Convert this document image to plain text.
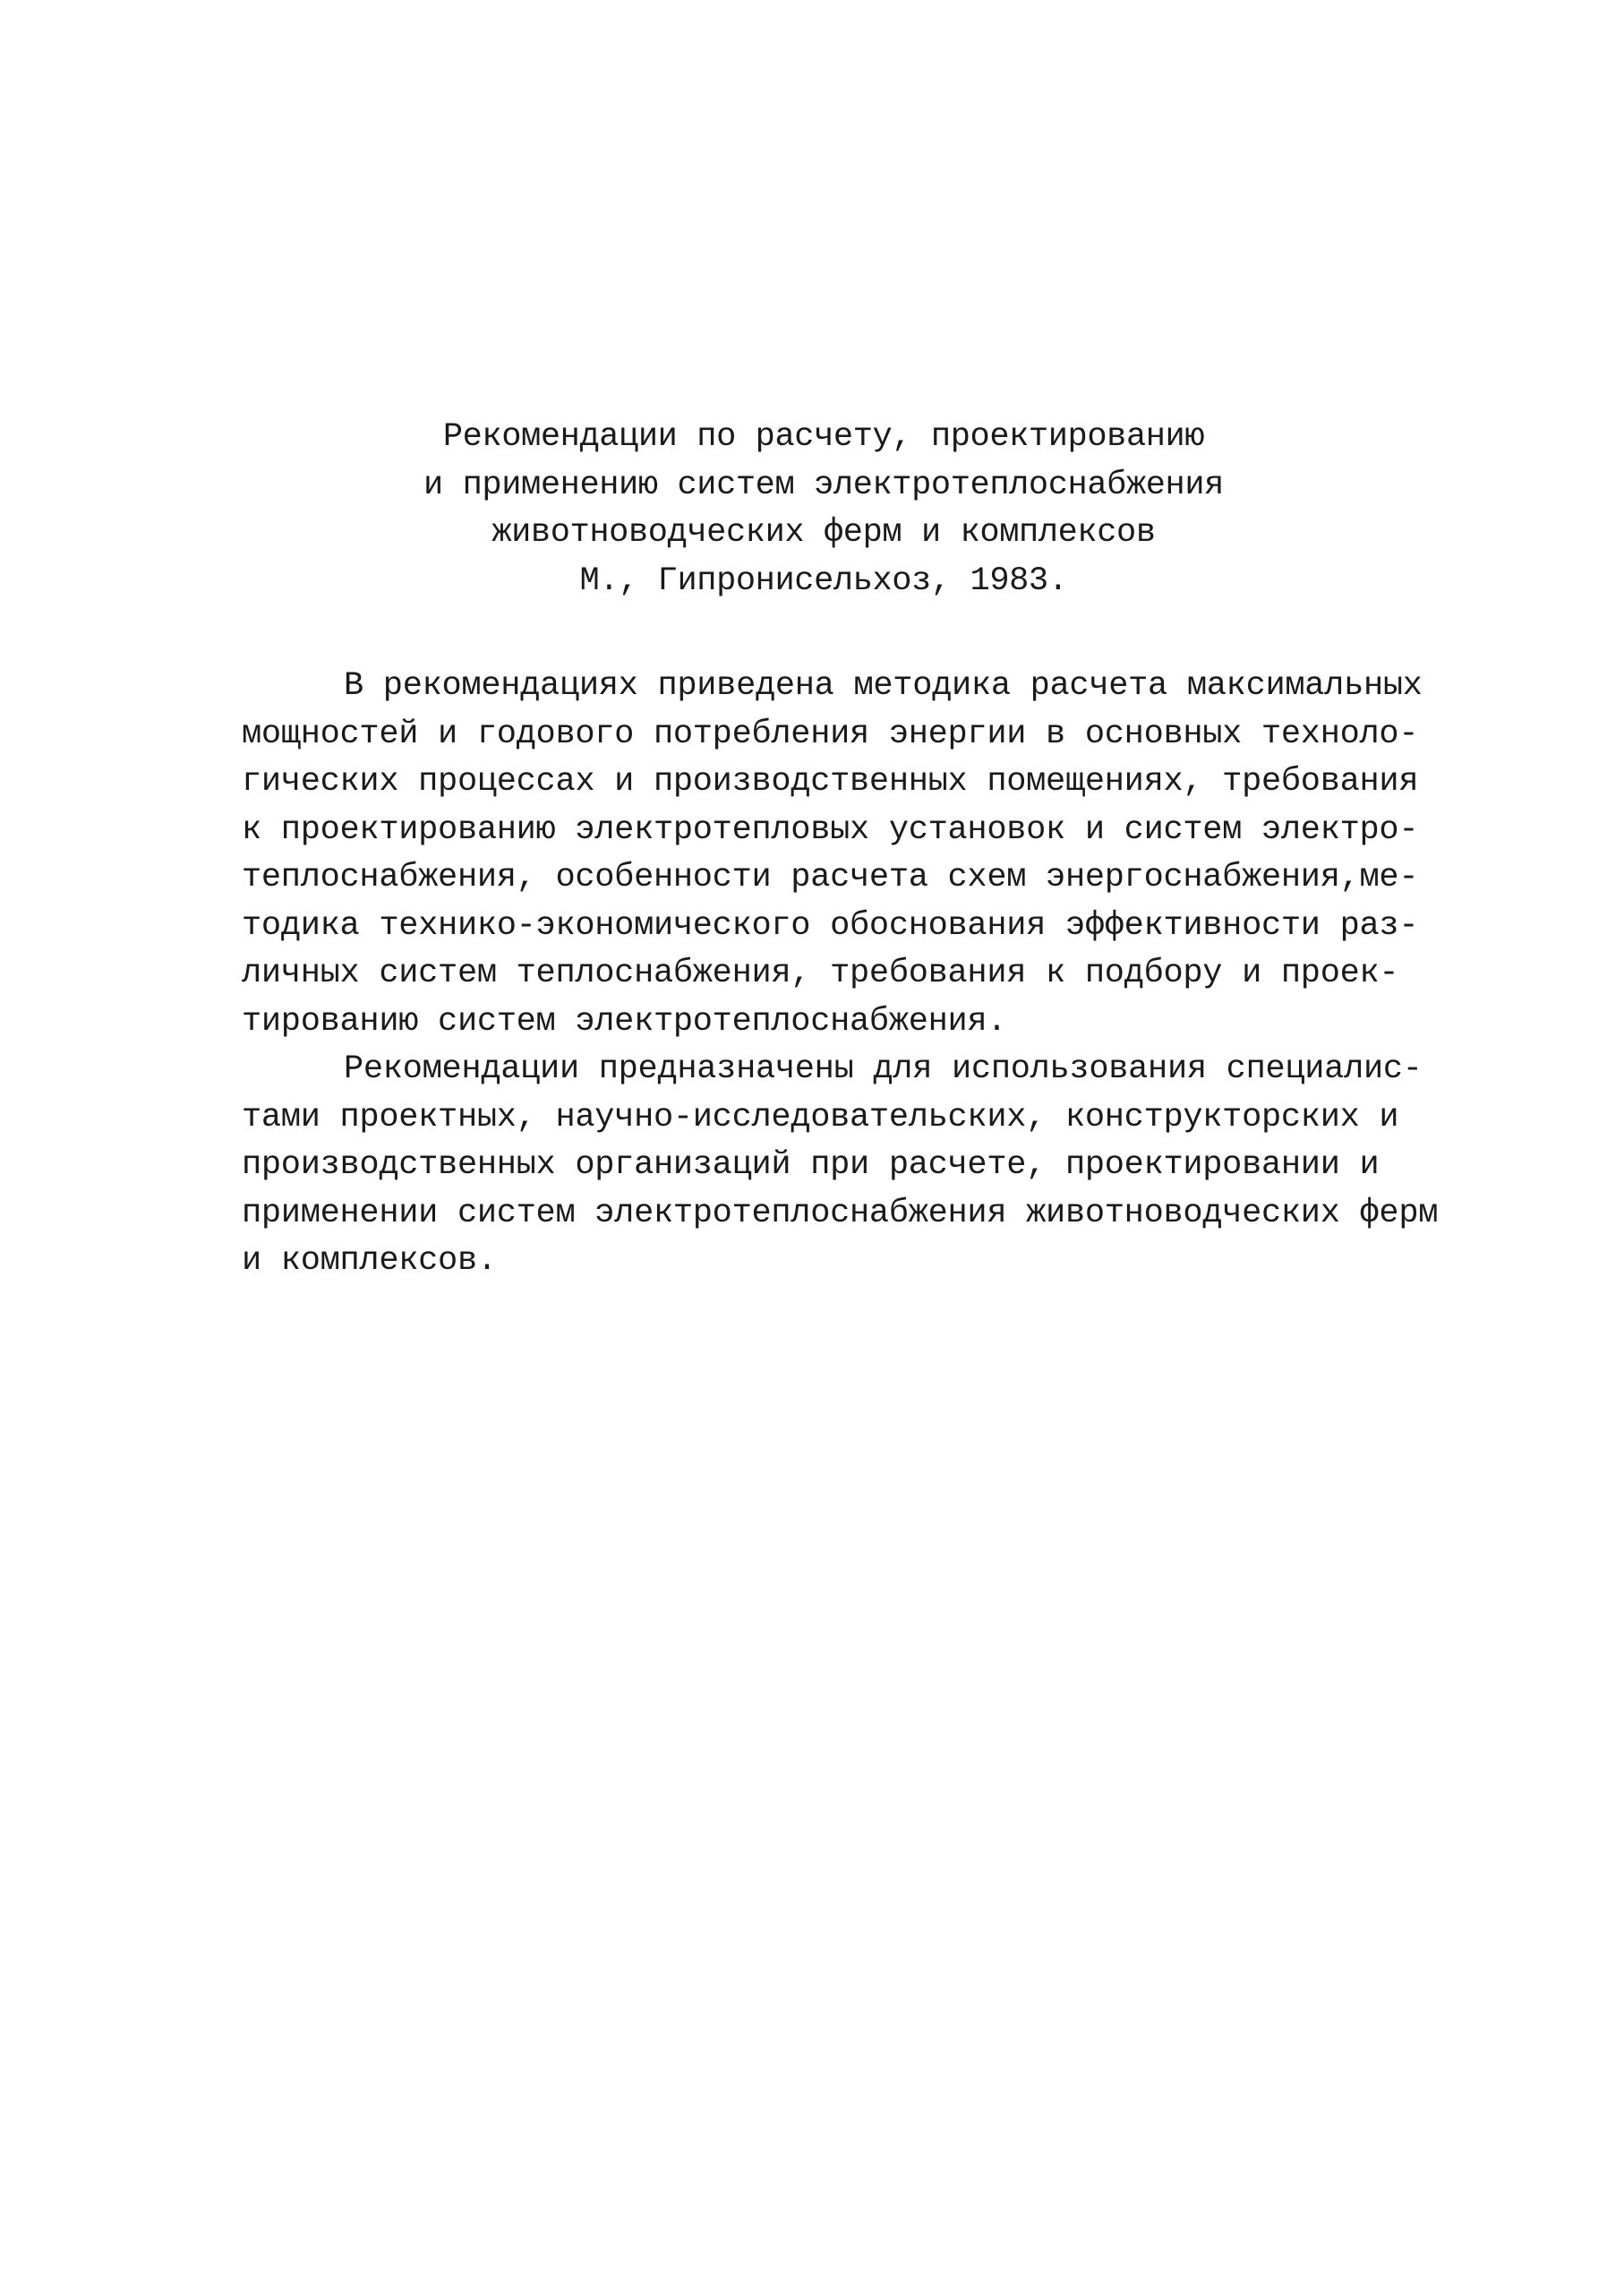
Рекомендации по расчету, проектированию
и применению систем электротеплоснабжения
животноводческих ферм и комплексов
М., Гипронисельхоз, 1983.
В рекомендациях приведена методика расчета максимальных
мощностей и годового потребления энергии в основных техноло-
гических процессах и производственных помещениях, требования
к проектированию электротепловых установок и систем электро-
теплоснабжения, особенности расчета схем энергоснабжения,ме-
тодика технико-экономического обоснования эффективности раз-
личных систем теплоснабжения, требования к подбору и проек-
тированию систем электротеплоснабжения.
Рекомендации предназначены для использования специалис-
тами проектных, научно-исследовательских, конструкторских и
производственных организаций при расчете, проектировании и
применении систем электротеплоснабжения животноводческих ферм
и комплексов.
